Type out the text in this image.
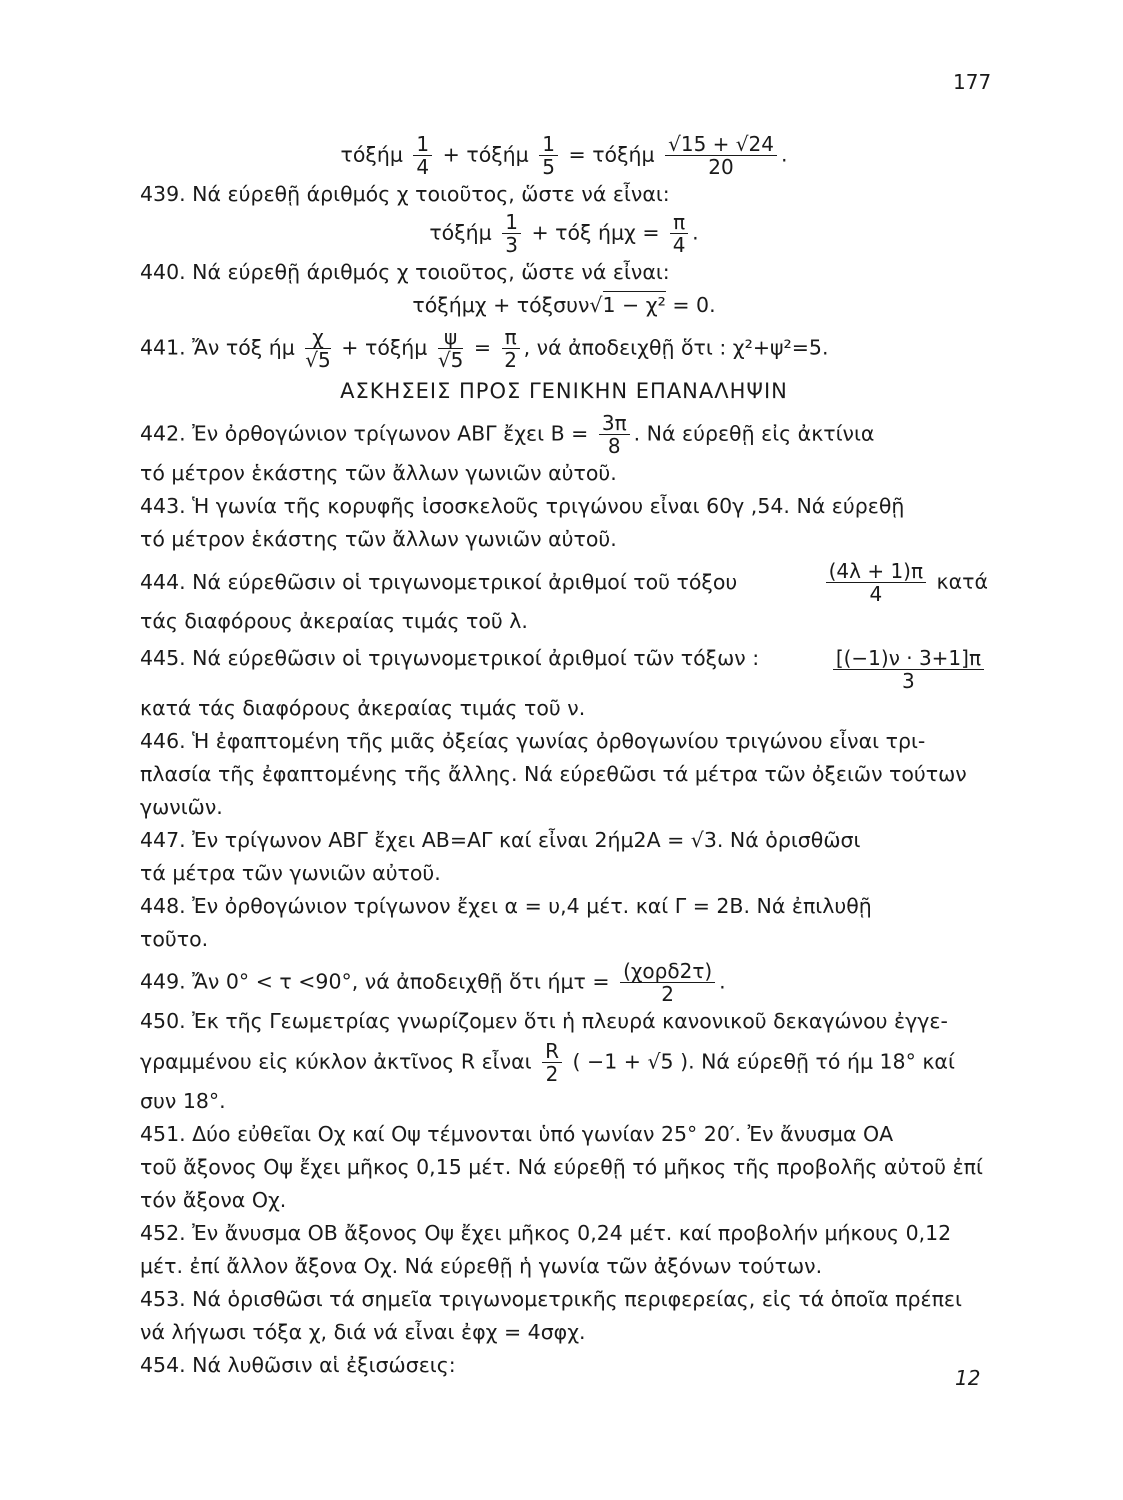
177
τόξήμ $\frac{1}{4} + \tau ό\xi ή\mu \frac{1}{5} = \tau ό\xi ή\mu \frac{√15 + √24}{20}$ .
439. Νά εύρεθῇ άριθμός χ τοιοῦτος, ὥστε νά εἶναι:
τόξήμ $\frac{1}{3} + \tau ό\xi$ $ή\mu\chi = \frac{\pi}{4}$ .
440. Νά εύρεθῇ άριθμός χ τοιοῦτος, ὥστε νά εἶναι:
τόξήμχ + τόξσυν√1 − χ² = 0.
441. Ἄν τόξ ήμ $\frac{\chi}{√5} + \tau ό\xi ή\mu \frac{\psi}{√5} = \frac{\pi}{2}$ , νά ἀποδειχθῇ ὅτι : χ²+ψ²=5.
ΑΣΚΗΣΕΙΣ ΠΡΟΣ ΓΕΝΙΚΗΝ ΕΠΑΝΑΛΗΨΙΝ
442. Ἐν ὀρθογώνιον τρίγωνον ΑΒΓ ἔχει $B = \frac{3\pi}{8}$ . Νά εύρεθῇ εἰς ἀκτίνια
τό μέτρον ἑκάστης τῶν ἄλλων γωνιῶν αὐτοῦ.
443. Ἡ γωνία τῆς κορυφῆς ἰσοσκελοῦς τριγώνου εἶναι 60γ ,54. Νά εύρεθῇ
τό μέτρον ἑκάστης τῶν ἄλλων γωνιῶν αὐτοῦ.
444. Νά εύρεθῶσιν οἱ τριγωνομετρικοί ἀριθμοί τοῦ τόξου	$\frac{(4\lambda + 1)\pi}{4}$ κατά
τάς διαφόρους ἀκεραίας τιμάς τοῦ λ.
445. Νά εύρεθῶσιν οἱ τριγωνομετρικοί ἀριθμοί τῶν τόξων :	[(−1)ν · 3+1]π
3
κατά τάς διαφόρους ἀκεραίας τιμάς τοῦ ν.
446. Ἡ ἐφαπτομένη τῆς μιᾶς ὀξείας γωνίας ὀρθογωνίου τριγώνου εἶναι τρι-
πλασία τῆς ἐφαπτομένης τῆς ἄλλης. Νά εύρεθῶσι τά μέτρα τῶν ὀξειῶν τούτων
γωνιῶν.
447. Ἐν τρίγωνον ΑΒΓ ἔχει ΑΒ=ΑΓ καί εἶναι 2ήμ2Α = √3. Νά ὁρισθῶσι
τά μέτρα τῶν γωνιῶν αὐτοῦ.
448. Ἐν ὀρθογώνιον τρίγωνον ἔχει α = υ,4 μέτ. καί Γ = 2Β. Νά ἐπιλυθῇ
τοῦτο.
449. Ἄν 0° < τ <90°, νά ἀποδειχθῇ ὅτι ήμτ = (χορδ2τ)
2
.
450. Ἐκ τῆς Γεωμετρίας γνωρίζομεν ὅτι ἡ πλευρά κανονικοῦ δεκαγώνου ἐγγε-
γραμμένου εἰς κύκλον ἀκτῖνος R εἶναι $\frac{R}{2}$ ( −1 + √5 ). Νά εύρεθῇ τό ήμ 18° καί
συν 18°.
451. Δύο εὐθεῖαι Οχ καί Οψ τέμνονται ὑπό γωνίαν 25° 20′. Ἐν ἄνυσμα ΟΑ
τοῦ ἄξονος Οψ ἔχει μῆκος 0,15 μέτ. Νά εύρεθῇ τό μῆκος τῆς προβολῆς αὐτοῦ ἐπί
τόν ἄξονα Οχ.
452. Ἐν ἄνυσμα ΟΒ ἄξονος Οψ ἔχει μῆκος 0,24 μέτ. καί προβολήν μήκους 0,12
μέτ. ἐπί ἄλλον ἄξονα Οχ. Νά εύρεθῇ ἡ γωνία τῶν ἀξόνων τούτων.
453. Νά ὁρισθῶσι τά σημεῖα τριγωνομετρικῆς περιφερείας, εἰς τά ὁποῖα πρέπει
νά λήγωσι τόξα χ, διά νά εἶναι ἐφχ = 4σφχ.
454. Νά λυθῶσιν αἱ ἐξισώσεις:
12
